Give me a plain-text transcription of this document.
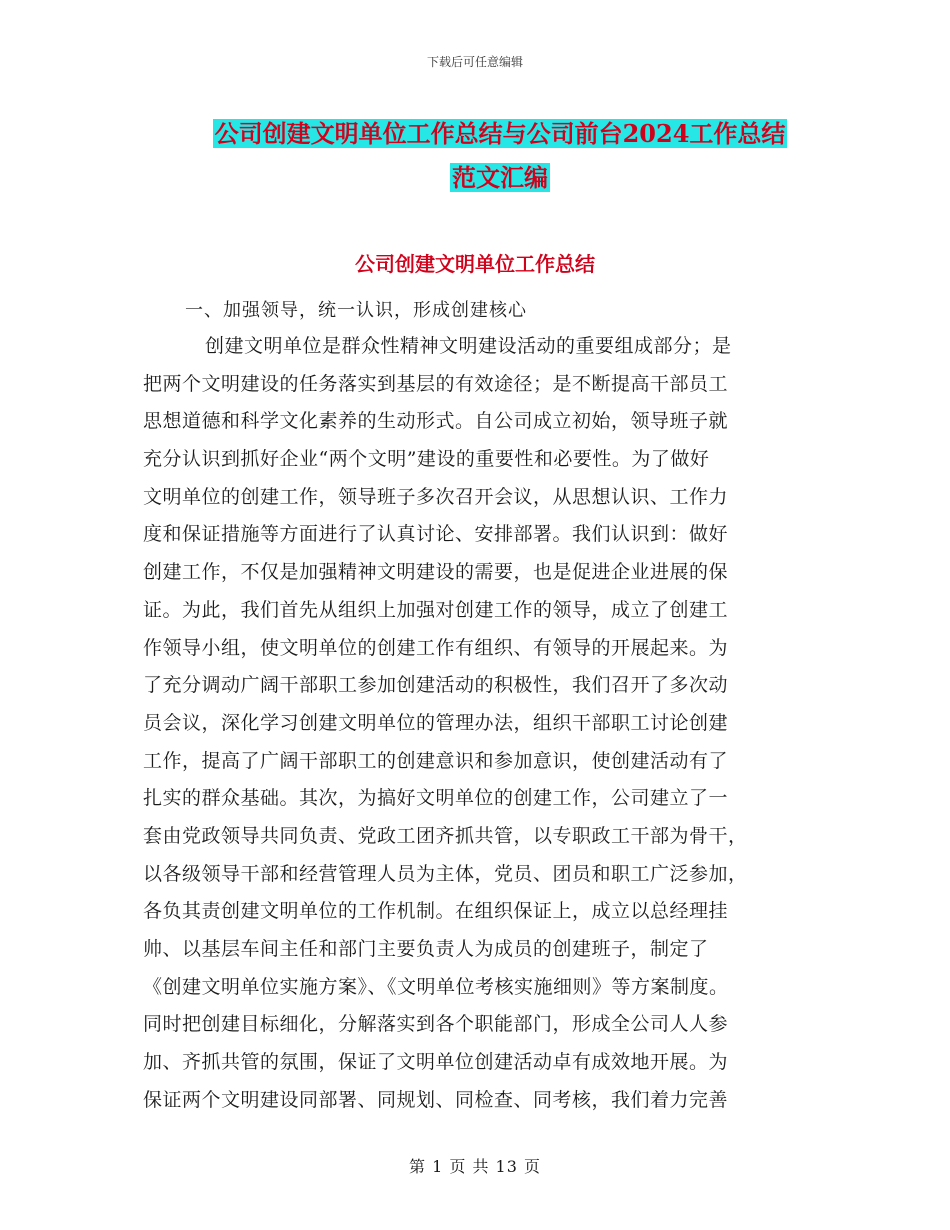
下载后可任意编辑
公司创建文明单位工作总结与公司前台2024工作总结
范文汇编
公司创建文明单位工作总结
一、加强领导，统一认识，形成创建核心
创建文明单位是群众性精神文明建设活动的重要组成部分；是
把两个文明建设的任务落实到基层的有效途径；是不断提高干部员工
思想道德和科学文化素养的生动形式。自公司成立初始，领导班子就
充分认识到抓好企业“两个文明”建设的重要性和必要性。为了做好
文明单位的创建工作，领导班子多次召开会议，从思想认识、工作力
度和保证措施等方面进行了认真讨论、安排部署。我们认识到：做好
创建工作，不仅是加强精神文明建设的需要，也是促进企业进展的保
证。为此，我们首先从组织上加强对创建工作的领导，成立了创建工
作领导小组，使文明单位的创建工作有组织、有领导的开展起来。为
了充分调动广阔干部职工参加创建活动的积极性，我们召开了多次动
员会议，深化学习创建文明单位的管理办法，组织干部职工讨论创建
工作，提高了广阔干部职工的创建意识和参加意识，使创建活动有了
扎实的群众基础。其次，为搞好文明单位的创建工作，公司建立了一
套由党政领导共同负责、党政工团齐抓共管，以专职政工干部为骨干，
以各级领导干部和经营管理人员为主体，党员、团员和职工广泛参加，
各负其责创建文明单位的工作机制。在组织保证上，成立以总经理挂
帅、以基层车间主任和部门主要负责人为成员的创建班子，制定了
《创建文明单位实施方案》、《文明单位考核实施细则》等方案制度。
同时把创建目标细化，分解落实到各个职能部门，形成全公司人人参
加、齐抓共管的氛围，保证了文明单位创建活动卓有成效地开展。为
保证两个文明建设同部署、同规划、同检查、同考核，我们着力完善
第 1 页 共 13 页
